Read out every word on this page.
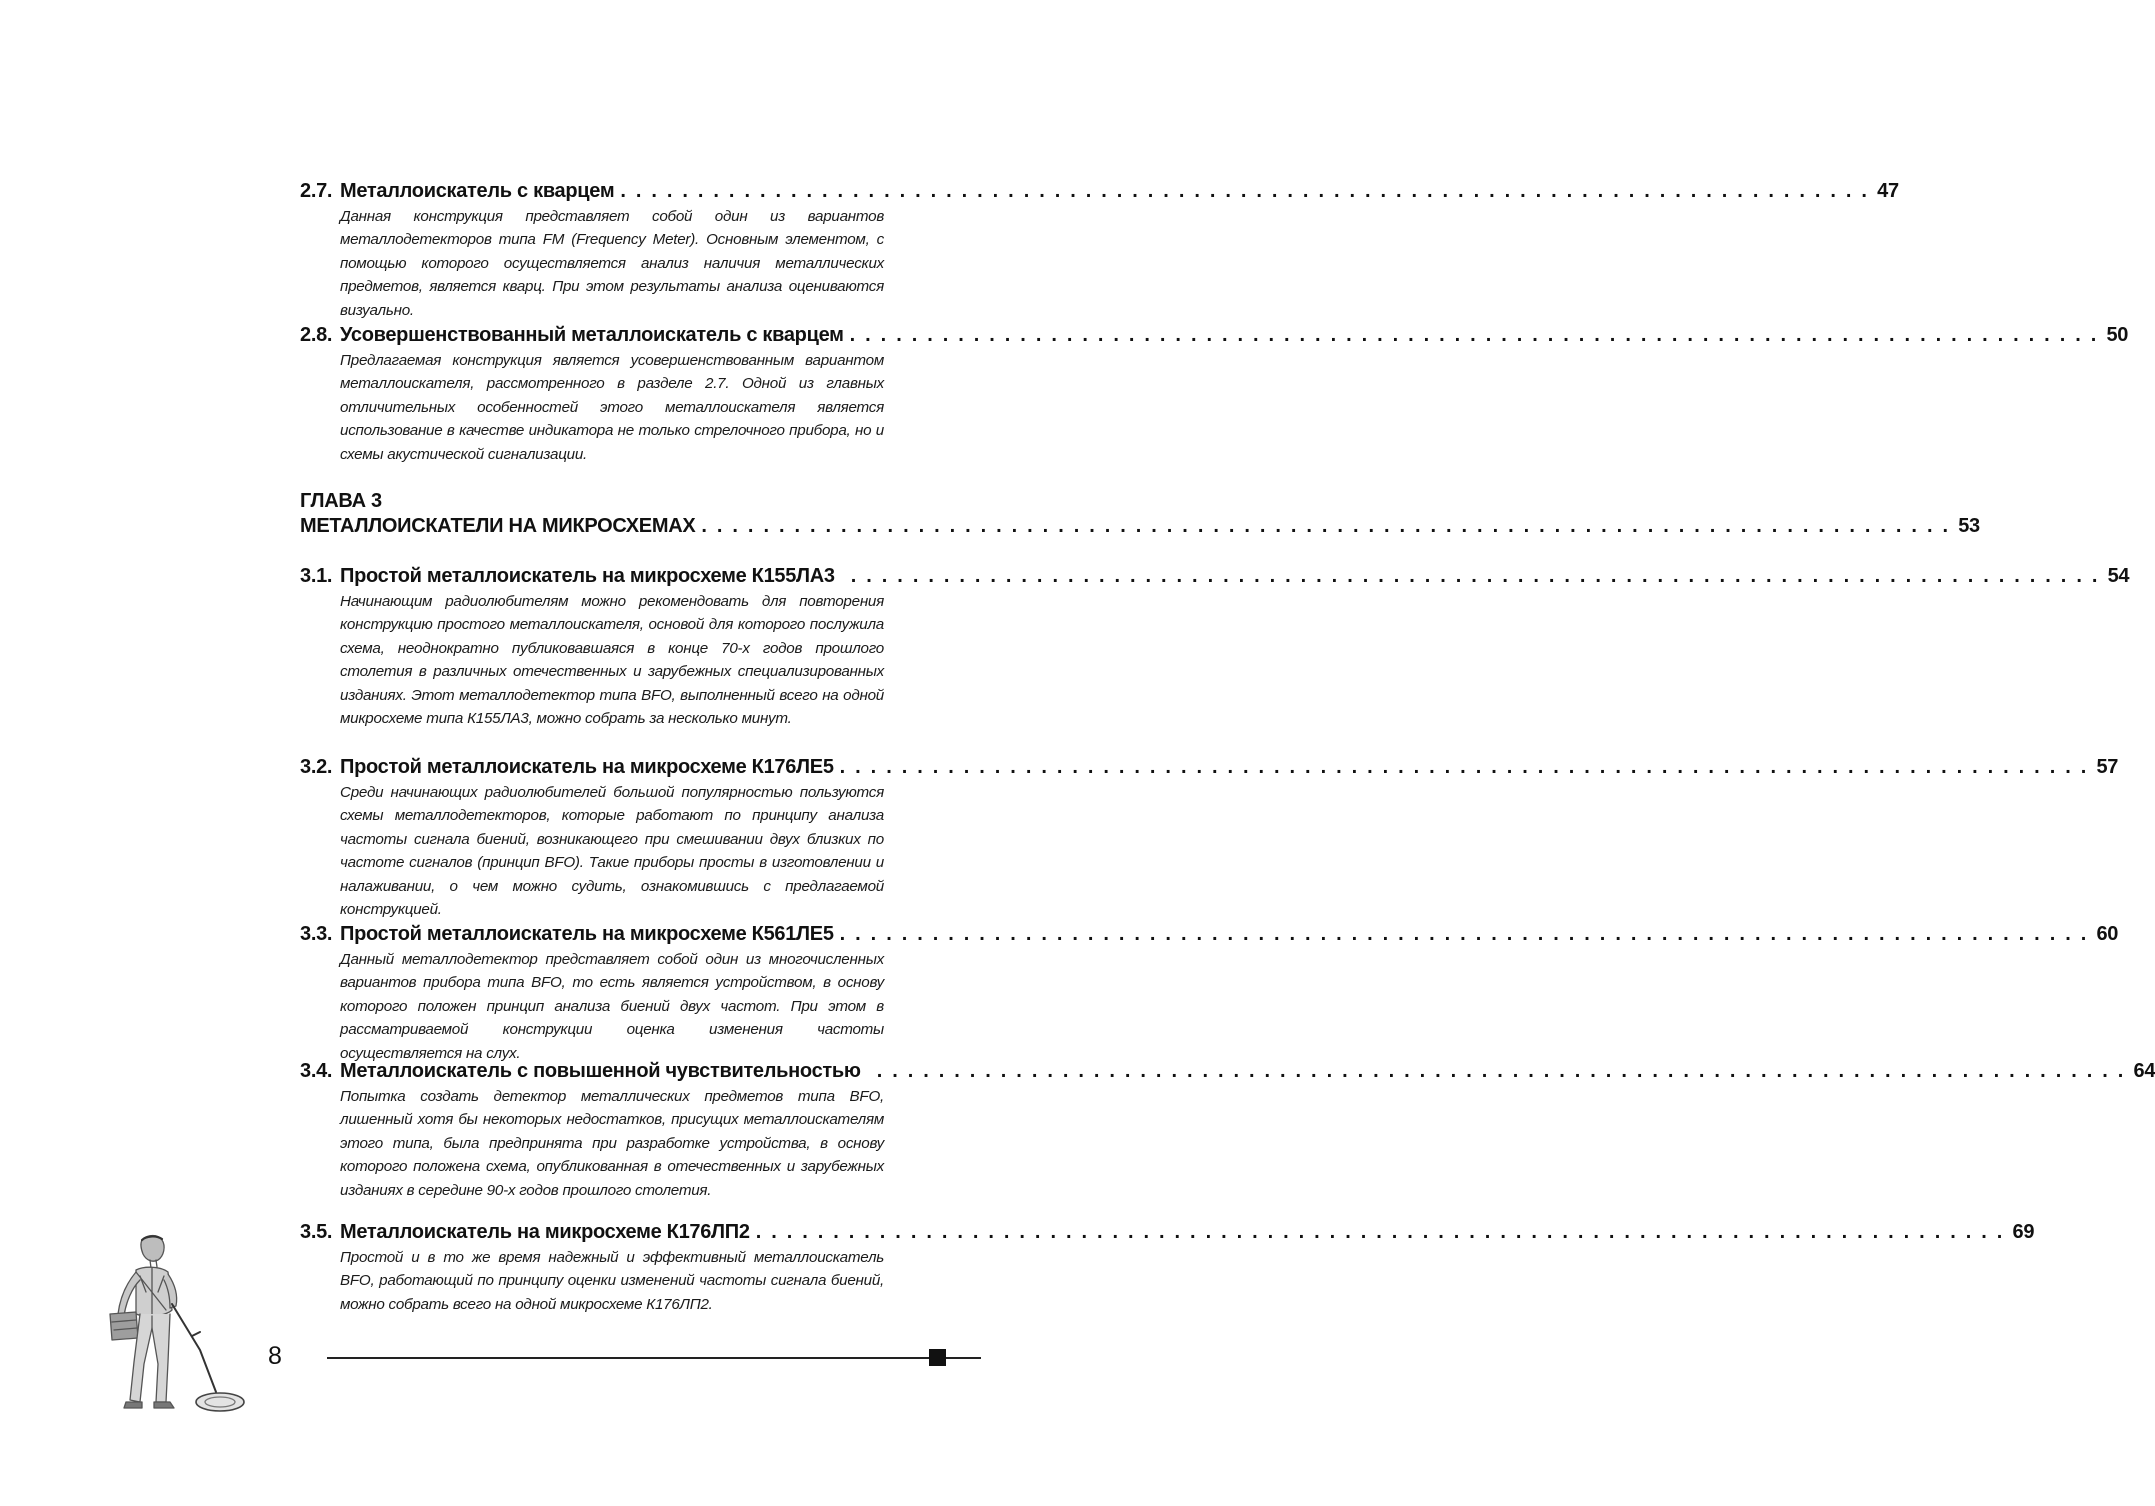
2.7. Металлоискатель с кварцем . . . . . . . . . . . . . . . . . . . . . . . . . . . . . . . . . . . . . . . . . . . . . . . . . . . . . . . . . . . . . . . . . . . . . . . . . . . . . . . . . 47
Данная конструкция представляет собой один из вариантов металлодетекторов типа FM (Frequency Meter). Основным элементом, с помощью которого осуществляется анализ наличия металлических предметов, является кварц. При этом результаты анализа оцениваются визуально.
2.8. Усовершенствованный металлоискатель с кварцем . . . . . . . . . . . . . . . . . . . . . . . . . . . . . . . . . . . . . . . . . . . . . . . . . . . . . . . . . . . . . . . . . . . . . . . . . . . . . . . . . 50
Предлагаемая конструкция является усовершенствованным вариантом металлоискателя, рассмотренного в разделе 2.7. Одной из главных отличительных особенностей этого металлоискателя является использование в качестве индикатора не только стрелочного прибора, но и схемы акустической сигнализации.
ГЛАВА 3
МЕТАЛЛОИСКАТЕЛИ НА МИКРОСХЕМАХ . . . . . . . . . . . . . . . . . . . . . . . . . . . . . . . . . . . . . . . . . . . . . . . . . . . . . . . . . . . . . . . . . . . . . . . . . . . . . . . . . 53
3.1. Простой металлоискатель на микросхеме К155ЛА3 . . . . . . . . . . . . . . . . . . . . . . . . . . . . . . . . . . . . . . . . . . . . . . . . . . . . . . . . . . . . . . . . . . . . . . . . . . . . . . . . . 54
Начинающим радиолюбителям можно рекомендовать для повторения конструкцию простого металлоискателя, основой для которого послужила схема, неоднократно публиковавшаяся в конце 70-х годов прошлого столетия в различных отечественных и зарубежных специализированных изданиях. Этот металлодетектор типа BFO, выполненный всего на одной микросхеме типа К155ЛА3, можно собрать за несколько минут.
3.2. Простой металлоискатель на микросхеме К176ЛЕ5 . . . . . . . . . . . . . . . . . . . . . . . . . . . . . . . . . . . . . . . . . . . . . . . . . . . . . . . . . . . . . . . . . . . . . . . . . . . . . . . . . 57
Среди начинающих радиолюбителей большой популярностью пользуются схемы металлодетекторов, которые работают по принципу анализа частоты сигнала биений, возникающего при смешивании двух близких по частоте сигналов (принцип BFO). Такие приборы просты в изготовлении и налаживании, о чем можно судить, ознакомившись с предлагаемой конструкцией.
3.3. Простой металлоискатель на микросхеме К561ЛЕ5 . . . . . . . . . . . . . . . . . . . . . . . . . . . . . . . . . . . . . . . . . . . . . . . . . . . . . . . . . . . . . . . . . . . . . . . . . . . . . . . . . 60
Данный металлодетектор представляет собой один из многочисленных вариантов прибора типа BFO, то есть является устройством, в основу которого положен принцип анализа биений двух частот. При этом в рассматриваемой конструкции оценка изменения частоты осуществляется на слух.
3.4. Металлоискатель с повышенной чувствительностью . . . . . . . . . . . . . . . . . . . . . . . . . . . . . . . . . . . . . . . . . . . . . . . . . . . . . . . . . . . . . . . . . . . . . . . . . . . . . . . . . 64
Попытка создать детектор металлических предметов типа BFO, лишенный хотя бы некоторых недостатков, присущих металлоискателям этого типа, была предпринята при разработке устройства, в основу которого положена схема, опубликованная в отечественных и зарубежных изданиях в середине 90-х годов прошлого столетия.
3.5. Металлоискатель на микросхеме К176ЛП2 . . . . . . . . . . . . . . . . . . . . . . . . . . . . . . . . . . . . . . . . . . . . . . . . . . . . . . . . . . . . . . . . . . . . . . . . . . . . . . . . . 69
Простой и в то же время надежный и эффективный металлоискатель BFO, работающий по принципу оценки изменений частоты сигнала биений, можно собрать всего на одной микросхеме К176ЛП2.
8
